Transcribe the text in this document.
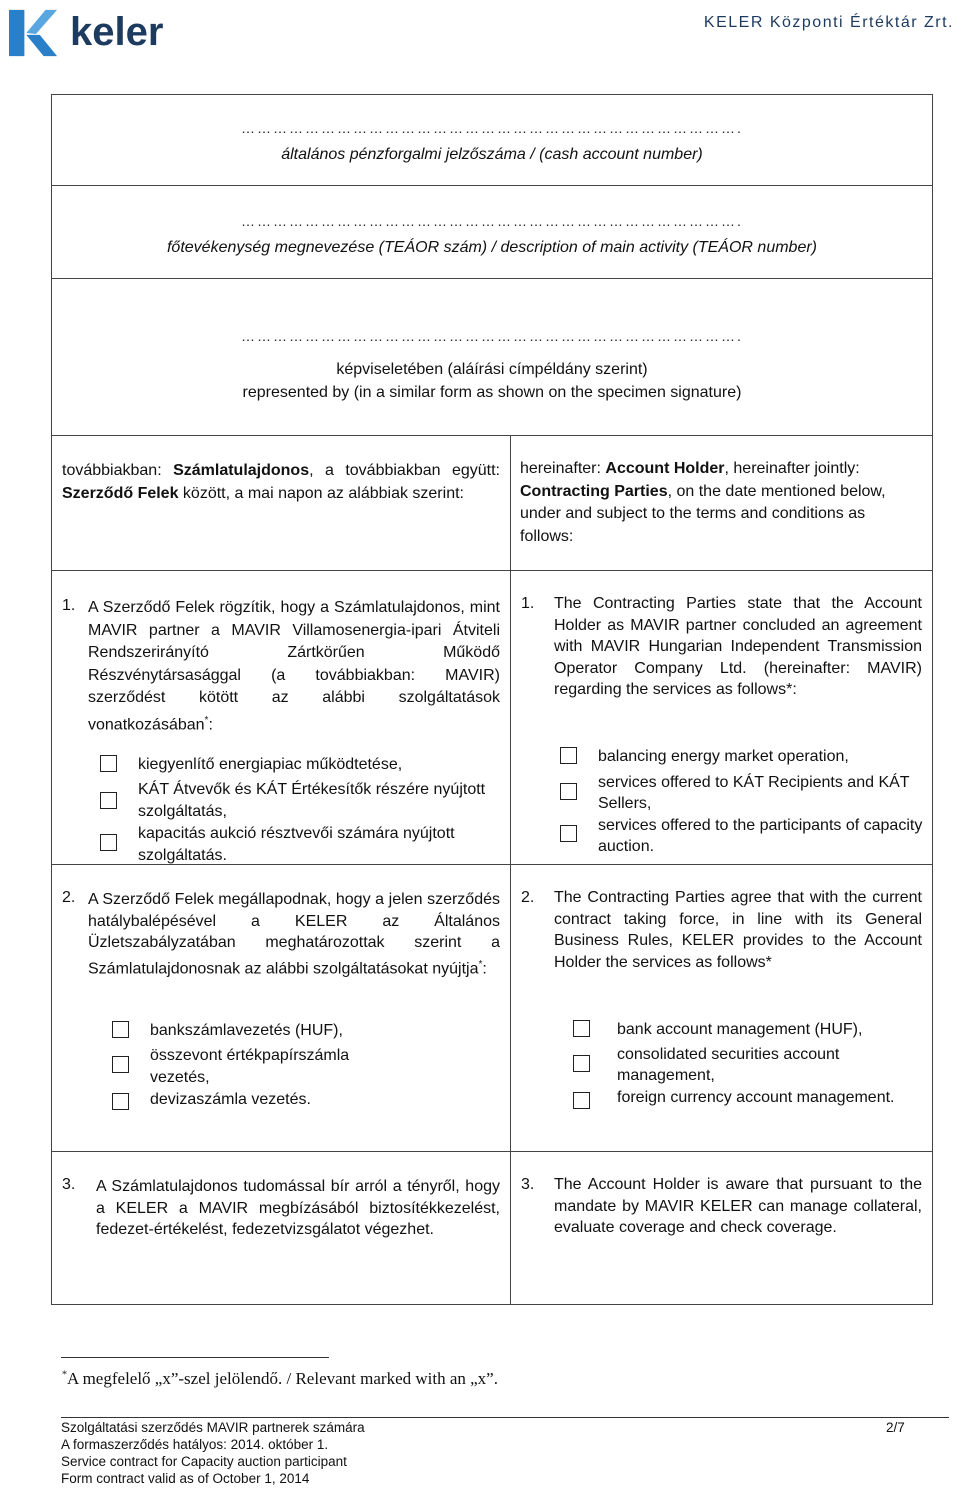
keler	KELER Központi Értéktár Zrt.
………………………………………………………………………………….
általános pénzforgalmi jelzőszáma / (cash account number)
………………………………………………………………………………….
főtevékenység megnevezése (TEÁOR szám) / description of main activity (TEÁOR number)
………………………………………………………………………………….
képviseletében (aláírási címpéldány szerint)
represented by (in a similar form as shown on the specimen signature)
továbbiakban: Számlatulajdonos, a továbbiakban együtt: Szerződő Felek között, a mai napon az alábbiak szerint:
hereinafter: Account Holder, hereinafter jointly: Contracting Parties, on the date mentioned below, under and subject to the terms and conditions as follows:
1. A Szerződő Felek rögzítik, hogy a Számlatulajdonos, mint MAVIR partner a MAVIR Villamosenergia-ipari Átviteli Rendszerirányító Zártkörűen Működő Részvénytársasággal (a továbbiakban: MAVIR) szerződést kötött az alábbi szolgáltatások vonatkozásában*:
1. The Contracting Parties state that the Account Holder as MAVIR partner concluded an agreement with MAVIR Hungarian Independent Transmission Operator Company Ltd. (hereinafter: MAVIR) regarding the services as follows*:
kiegyenlítő energiapiac működtetése,
KÁT Átvevők és KÁT Értékesítők részére nyújtott szolgáltatás,
kapacitás aukció résztvevői számára nyújtott szolgáltatás.
balancing energy market operation,
services offered to KÁT Recipients and KÁT Sellers,
services offered to the participants of capacity auction.
2. A Szerződő Felek megállapodnak, hogy a jelen szerződés hatálybalépésével a KELER az Általános Üzletszabályzatában meghatározottak szerint a Számlatulajdonosnak az alábbi szolgáltatásokat nyújtja*:
2. The Contracting Parties agree that with the current contract taking force, in line with its General Business Rules, KELER provides to the Account Holder the services as follows*
bankszámlavezetés (HUF),
összevont értékpapírszámla vezetés,
devizaszámla vezetés.
bank account management (HUF),
consolidated securities account management,
foreign currency account management.
3. A Számlatulajdonos tudomással bír arról a tényről, hogy a KELER a MAVIR megbízásából biztosítékkezelést, fedezet-értékelést, fedezetvizsgálatot végezhet.
3. The Account Holder is aware that pursuant to the mandate by MAVIR KELER can manage collateral, evaluate coverage and check coverage.
*A megfelelő „x”-szel jelölendő. / Relevant marked with an „x”.
Szolgáltatási szerződés MAVIR partnerek számára
A formaszerződés hatályos: 2014. október 1.
Service contract for Capacity auction participant
Form contract valid as of October 1, 2014
2/7
